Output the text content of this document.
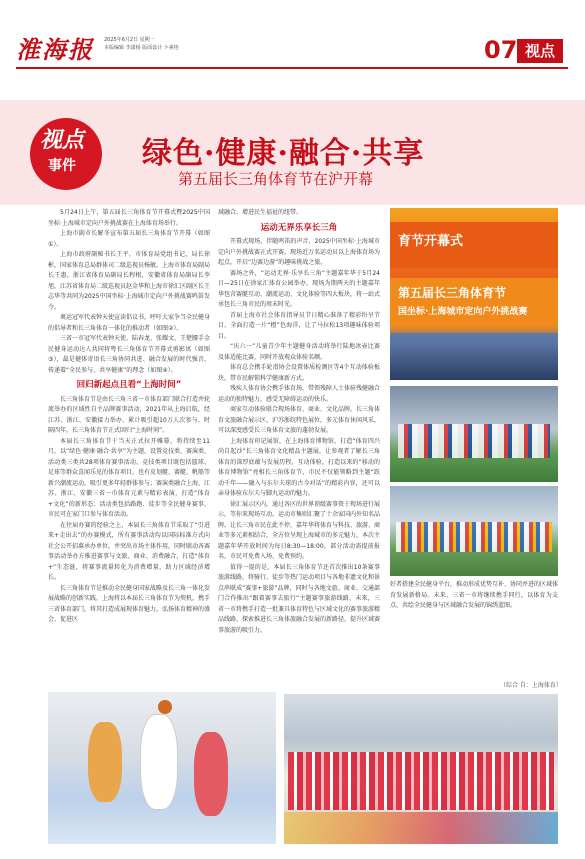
淮海报 2025年6月2日 星期一
本版编辑 李潇杨 版面设计 卜素艳	07 视点
视点
事件 绿色·健康·融合·共享
第五届长三角体育节在沪开幕

5月24日上午，第五届长三角体育节开幕式暨2025中国坐标·上海城市定向户外挑战赛在上海体育场举行。

上海市副市长解冬宣布第五届长三角体育节开幕（如图①）。

上海市政府副秘书长王平，市体育局党组书记、局长徐彬，国家体育总局群体司二级巡视员杨敏，上海市体育局副局长王惠，浙江省体育局副局长程根，安徽省体育局副局长李旭，江苏省体育局二级巡视员赵金华和上海市徐汇区副区长王志华等共同为2025中国坐标·上海城市定向户外挑战赛鸣笛发令。

奥运冠军代表钟天使宣读倡议书，呼吁大家争当全民健身的倡导者和长三角体育一体化的推动者（如图②）。

三省一市冠军代表钟天使、陆春龙、张耀文、王楚腰手金民健身运动达人共同将粤长三角体育节开幕式剪影寓（如图③），最是健体寄语长三角协同共进、融合发展的时代强音，传递着“全民参与、共享健康”的理念（如图④）。

回归新起点且看“上海时间”

长三角体育节是由长三角三省一市体育部门联合打造并轮流举办的区域性自主品牌赛事活动，2021年从上海启航，经江苏、浙江、安徽接力举办，累计吸引超10万人次参与，时隔四年，长三角体育节正式回归“上海时间”。

本届长三角体育节于当天正式拉开帷幕，将持续至11月，以“绿色·健康·融合·共享”为主题，设置竞技类、赛演类、活动类三类共28项体育赛事活动，竞技类项目既包括篮球、足球等群众喜闻乐见的体育项目，也有皮划艇、赛艇、帆船等新兴潮流运动，吸引更多年轻群体参与；赛演类融合上海、江苏、浙江、安徽三省一市体育元素与精彩表演，打造“体育+文化”的新形态；活动类包括路跑、徒步等全民健身赛事，市民可在家门口参与体育活动。

在往届办赛的经验之上，本届长三角体育节采取了“引进来+走出去”的办赛模式，所有赛事活动均以国际标准方式向社会公开招募承办单位，并突出市场主体作用，同时联动各赛事活动举办方推进赛事与文旅、商业、消费融合，打造“体育+”生态链，将赛事流量转化为消费增量，助力区域经济增长。

长三角体育节是推动全民健身国家战略及长三角一体化发展战略的创新实践，上海将以本届长三角体育节为契机，携手三省体育部门，将其打造成展现体育魅力、弘扬体育精神的盛会、促进区

域融合、增进民生福祉的纽带。

运动无界乐享长三角

开幕式现场，伴随鸣笛的声音，2025中国坐标·上海城市定向户外挑战赛正式开赛，现场近万名运动员以上海体育场为起点，开启“边赛边游”的趣味挑战之旅。

赛场之外，“运动无界·乐享长三角”主题嘉年华于5月24日—25日在徐家汇体育公园举办，现场为期两天的主题嘉年华包含赛艇互动、潮流运动、文化体验等四大板块，将一站式承包长三角市民的周末时光。

首届上海市社会体育指导员节日精心准备了精彩纷呈节目，全面打造一片“橙”色海洋，让了马拉松13项趣味体验项目。

“庆六一”儿童青少年主题健身活动将举行陆地冰壶比赛及体适能比赛，同时开放观众体验名额。

体育总会携手轮滑协会设置体质检测区等4个互动体验板块，带市民解锁科学健康新方式。

残疾人体育协会携手体育场，带领残障人士体验残健融合运动的独特魅力，感受无障碍运动的快乐。

商家互动体验联合现场体育、商业、文化品牌，长三角体育文旅融合展示区，沪苏浙皖特色展位，多元体育休闲风采，可以深度感受长三角体育文旅的蓬勃发展。

上海体育印记展馆，在上海体育博物馆，打造“体育四兴尚自起沙”长三角体育文化精品主题展，让参观者了解长三角体育的深厚底蕴与发展历程，互动体验，打造以来的“移动的体育博物馆”亮相长三角体育节，市民不仅能领略到主题“跃动千年——融入与东尔夫球的古今对话”的精彩内容，还可以亲身体验东尔夫与脚丸运动的魅力。

徐汇展示区内，通过各区的世界顶级赛事资于现场进行展示，等你来现场互动。运动市集则汇聚了十余家国内外知名品牌。让长三角市民在此不停，嘉年华将体育与科技、旅游、商业等多元素相结合，全方位呈现上海城市的多元魅力。本次主题嘉年华开放时间为每日8:30—18:00，部分活动需提前报名，市民可免费入场、免费预约。

值得一提的是，本届长三角体育节还首次推出10条赛事旅游线路，将骑行、徒步等热门运动项目与各地非遗文化和景点串联成“赛事+旅游”品牌，同时与各地文旅、商业、交通部门合作推出“跟着赛事去旅行”主题赛事旅游线路，未来，三省一市将携手打造一批兼具体育特色与区域文化的赛事旅游精品线路，探索推进长三角体旅融合发展的新路径，提升区域赛事旅游的吸引力。

育节开幕式
第五届长三角体育节
国坐标·上海城市定向户外挑战赛

好者搭建全民健身平台，推动形成优势互补、协同并进的区域体育发展新格局。未来，三省一市将继续携手同行，以体育为支点，共绘全民健身与区域融合发展的锦绣蓝图。

（综合 自：上海体育）
